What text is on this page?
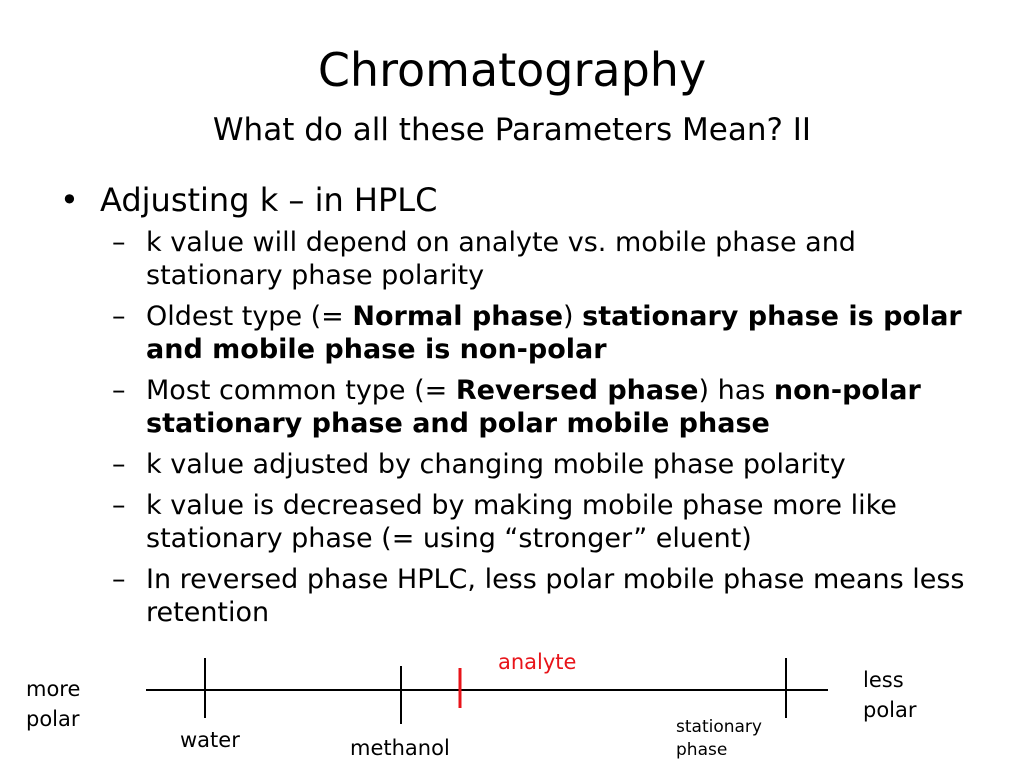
Chromatography
What do all these Parameters Mean? II
• Adjusting k – in HPLC
– k value will depend on analyte vs. mobile phase and stationary phase polarity
– Oldest type (= Normal phase) stationary phase is polar and mobile phase is non-polar
– Most common type (= Reversed phase) has non-polar stationary phase and polar mobile phase
– k value adjusted by changing mobile phase polarity
– k value is decreased by making mobile phase more like stationary phase (= using “stronger” eluent)
– In reversed phase HPLC, less polar mobile phase means less retention
more
polar
less
polar
water	methanol
analyte
stationary
phase
